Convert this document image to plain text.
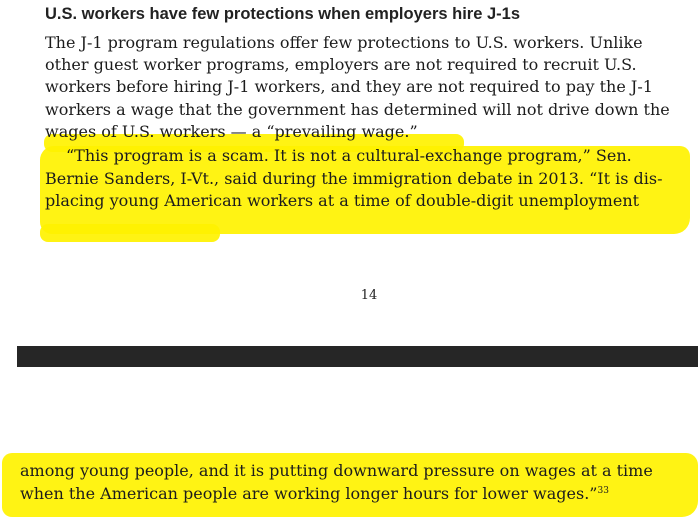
U.S. workers have few protections when employers hire J-1s
The J-1 program regulations offer few protections to U.S. workers. Unlike
other guest worker programs, employers are not required to recruit U.S.
workers before hiring J-1 workers, and they are not required to pay the J-1
workers a wage that the government has determined will not drive down the
wages of U.S. workers — a “prevailing wage.”
“This program is a scam. It is not a cultural-exchange program,” Sen.
Bernie Sanders, I-Vt., said during the immigration debate in 2013. “It is dis-
placing young American workers at a time of double-digit unemployment
14
among young people, and it is putting downward pressure on wages at a time
when the American people are working longer hours for lower wages.”$^{33}$
